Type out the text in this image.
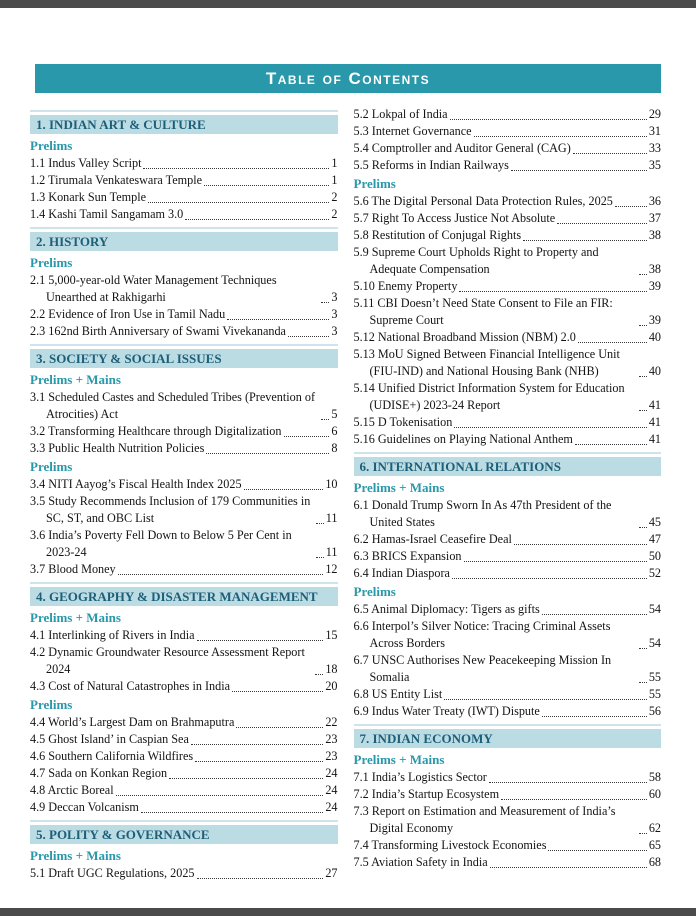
Table of Contents
1. INDIAN ART & CULTURE
Prelims
1.1 Indus Valley Script	1
1.2 Tirumala Venkateswara Temple	1
1.3 Konark Sun Temple	2
1.4 Kashi Tamil Sangamam 3.0	2
2. HISTORY
Prelims
2.1 5,000-year-old Water Management Techniques Unearthed at Rakhigarhi	3
2.2 Evidence of Iron Use in Tamil Nadu	3
2.3 162nd Birth Anniversary of Swami Vivekananda	3
3. SOCIETY & SOCIAL ISSUES
Prelims + Mains
3.1 Scheduled Castes and Scheduled Tribes (Prevention of Atrocities) Act	5
3.2 Transforming Healthcare through Digitalization	6
3.3 Public Health Nutrition Policies	8
Prelims
3.4 NITI Aayog’s Fiscal Health Index 2025	10
3.5 Study Recommends Inclusion of 179 Communities in SC, ST, and OBC List	11
3.6 India’s Poverty Fell Down to Below 5 Per Cent in 2023-24	11
3.7 Blood Money	12
4. GEOGRAPHY & DISASTER MANAGEMENT
Prelims + Mains
4.1 Interlinking of Rivers in India	15
4.2 Dynamic Groundwater Resource Assessment Report 2024	18
4.3 Cost of Natural Catastrophes in India	20
Prelims
4.4 World’s Largest Dam on Brahmaputra	22
4.5 Ghost Island’ in Caspian Sea	23
4.6 Southern California Wildfires	23
4.7 Sada on Konkan Region	24
4.8 Arctic Boreal	24
4.9 Deccan Volcanism	24
5. POLITY & GOVERNANCE
Prelims + Mains
5.1 Draft UGC Regulations, 2025	27
5.2 Lokpal of India	29
5.3 Internet Governance	31
5.4 Comptroller and Auditor General (CAG)	33
5.5 Reforms in Indian Railways	35
Prelims
5.6 The Digital Personal Data Protection Rules, 2025	36
5.7 Right To Access Justice Not Absolute	37
5.8 Restitution of Conjugal Rights	38
5.9 Supreme Court Upholds Right to Property and Adequate Compensation	38
5.10 Enemy Property	39
5.11 CBI Doesn’t Need State Consent to File an FIR: Supreme Court	39
5.12 National Broadband Mission (NBM) 2.0	40
5.13 MoU Signed Between Financial Intelligence Unit (FIU-IND) and National Housing Bank (NHB)	40
5.14 Unified District Information System for Education (UDISE+) 2023-24 Report	41
5.15 D Tokenisation	41
5.16 Guidelines on Playing National Anthem	41
6. INTERNATIONAL RELATIONS
Prelims + Mains
6.1 Donald Trump Sworn In As 47th President of the United States	45
6.2 Hamas-Israel Ceasefire Deal	47
6.3 BRICS Expansion	50
6.4 Indian Diaspora	52
Prelims
6.5 Animal Diplomacy: Tigers as gifts	54
6.6 Interpol’s Silver Notice: Tracing Criminal Assets Across Borders	54
6.7 UNSC Authorises New Peacekeeping Mission In Somalia	55
6.8 US Entity List	55
6.9 Indus Water Treaty (IWT) Dispute	56
7. INDIAN ECONOMY
Prelims + Mains
7.1 India’s Logistics Sector	58
7.2 India’s Startup Ecosystem	60
7.3 Report on Estimation and Measurement of India’s Digital Economy	62
7.4 Transforming Livestock Economies	65
7.5 Aviation Safety in India	68
